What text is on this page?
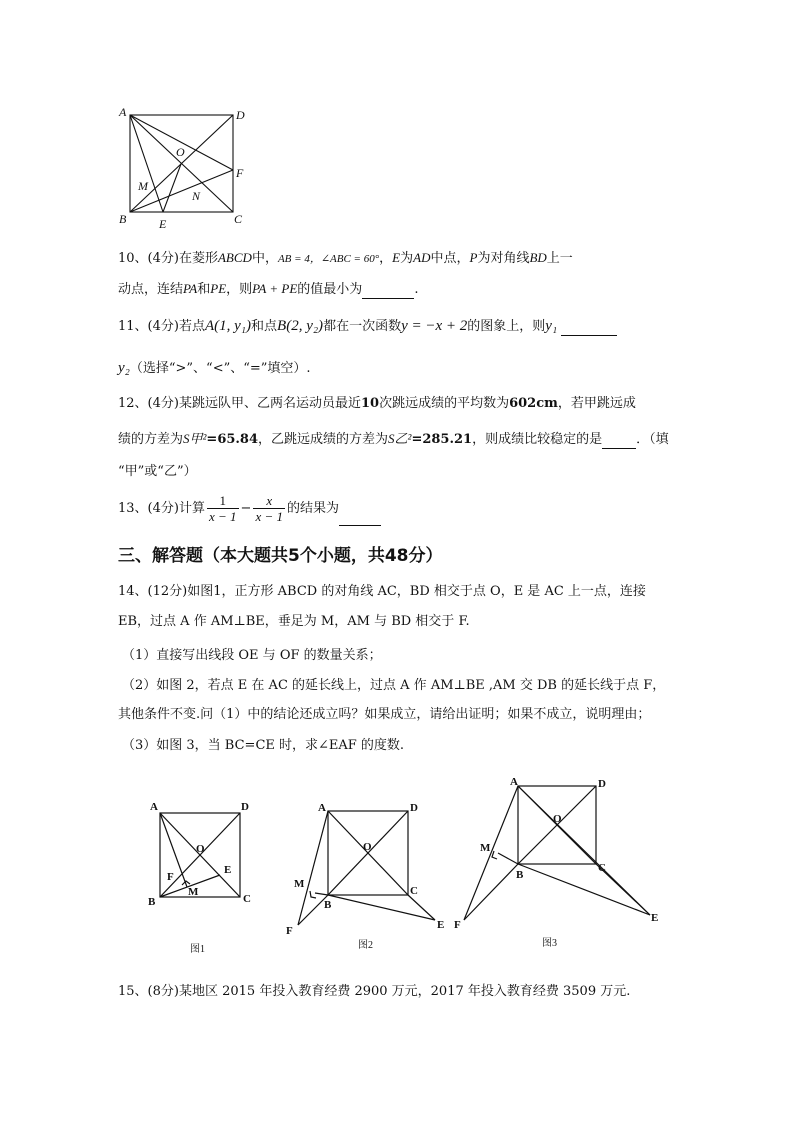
A	D
O
F
M
N
B	E	C
10、(4分)在菱形ABCD中，AB = 4，∠ABC = 60°，E为AD中点，P为对角线BD上一
动点，连结PA和PE，则PA + PE的值最小为	.
11、(4分)若点A(1, y₁)和点B(2, y₂)都在一次函数y = −x + 2的图象上，则y₁
y₂（选择“>”、“<”、“=”填空）.
12、(4分)某跳远队甲、乙两名运动员最近10次跳远成绩的平均数为602cm，若甲跳远成
绩的方差为S甲²=65.84，乙跳远成绩的方差为S乙²=285.21，则成绩比较稳定的是	．（填
“甲”或“乙”）
13、(4分)计算 $\frac{1}{x - 1} - \frac{x}{x - 1}$ 的结果为
三、解答题（本大题共5个小题，共48分）
14、(12分)如图1，正方形 ABCD 的对角线 AC，BD 相交于点 O，E 是 AC 上一点，连接
EB，过点 A 作 AM⊥BE，垂足为 M，AM 与 BD 相交于 F.
（1）直接写出线段 OE 与 OF 的数量关系；
（2）如图 2，若点 E 在 AC 的延长线上，过点 A 作 AM⊥BE ,AM 交 DB 的延长线于点 F，
其他条件不变.问（1）中的结论还成立吗？如果成立，请给出证明；如果不成立，说明理由；
（3）如图 3，当 BC=CE 时，求∠EAF 的度数.
A	D
O
E
F
M
B	C
图1
A	D
O
M
B
C
F	E
图2
A	D
O
M
B
C
F
E
图3
15、(8分)某地区 2015 年投入教育经费 2900 万元，2017 年投入教育经费 3509 万元.
